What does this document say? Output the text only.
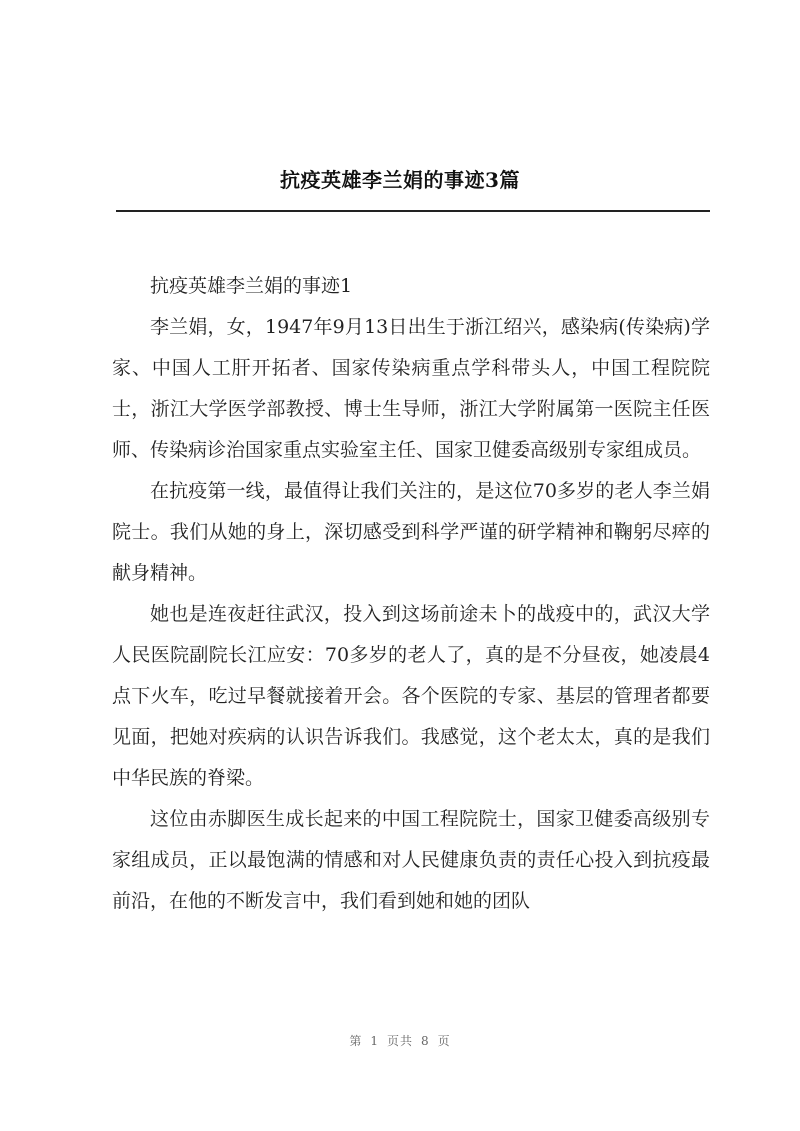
抗疫英雄李兰娟的事迹3篇

抗疫英雄李兰娟的事迹1

李兰娟，女，1947年9月13日出生于浙江绍兴，感染病(传染病)学家、中国人工肝开拓者、国家传染病重点学科带头人，中国工程院院士，浙江大学医学部教授、博士生导师，浙江大学附属第一医院主任医师、传染病诊治国家重点实验室主任、国家卫健委高级别专家组成员。

在抗疫第一线，最值得让我们关注的，是这位70多岁的老人李兰娟院士。我们从她的身上，深切感受到科学严谨的研学精神和鞠躬尽瘁的献身精神。

她也是连夜赶往武汉，投入到这场前途未卜的战疫中的，武汉大学人民医院副院长江应安：70多岁的老人了，真的是不分昼夜，她凌晨4点下火车，吃过早餐就接着开会。各个医院的专家、基层的管理者都要见面，把她对疾病的认识告诉我们。我感觉，这个老太太，真的是我们中华民族的脊梁。

这位由赤脚医生成长起来的中国工程院院士，国家卫健委高级别专家组成员，正以最饱满的情感和对人民健康负责的责任心投入到抗疫最前沿，在他的不断发言中，我们看到她和她的团队

第 1 页共 8 页
